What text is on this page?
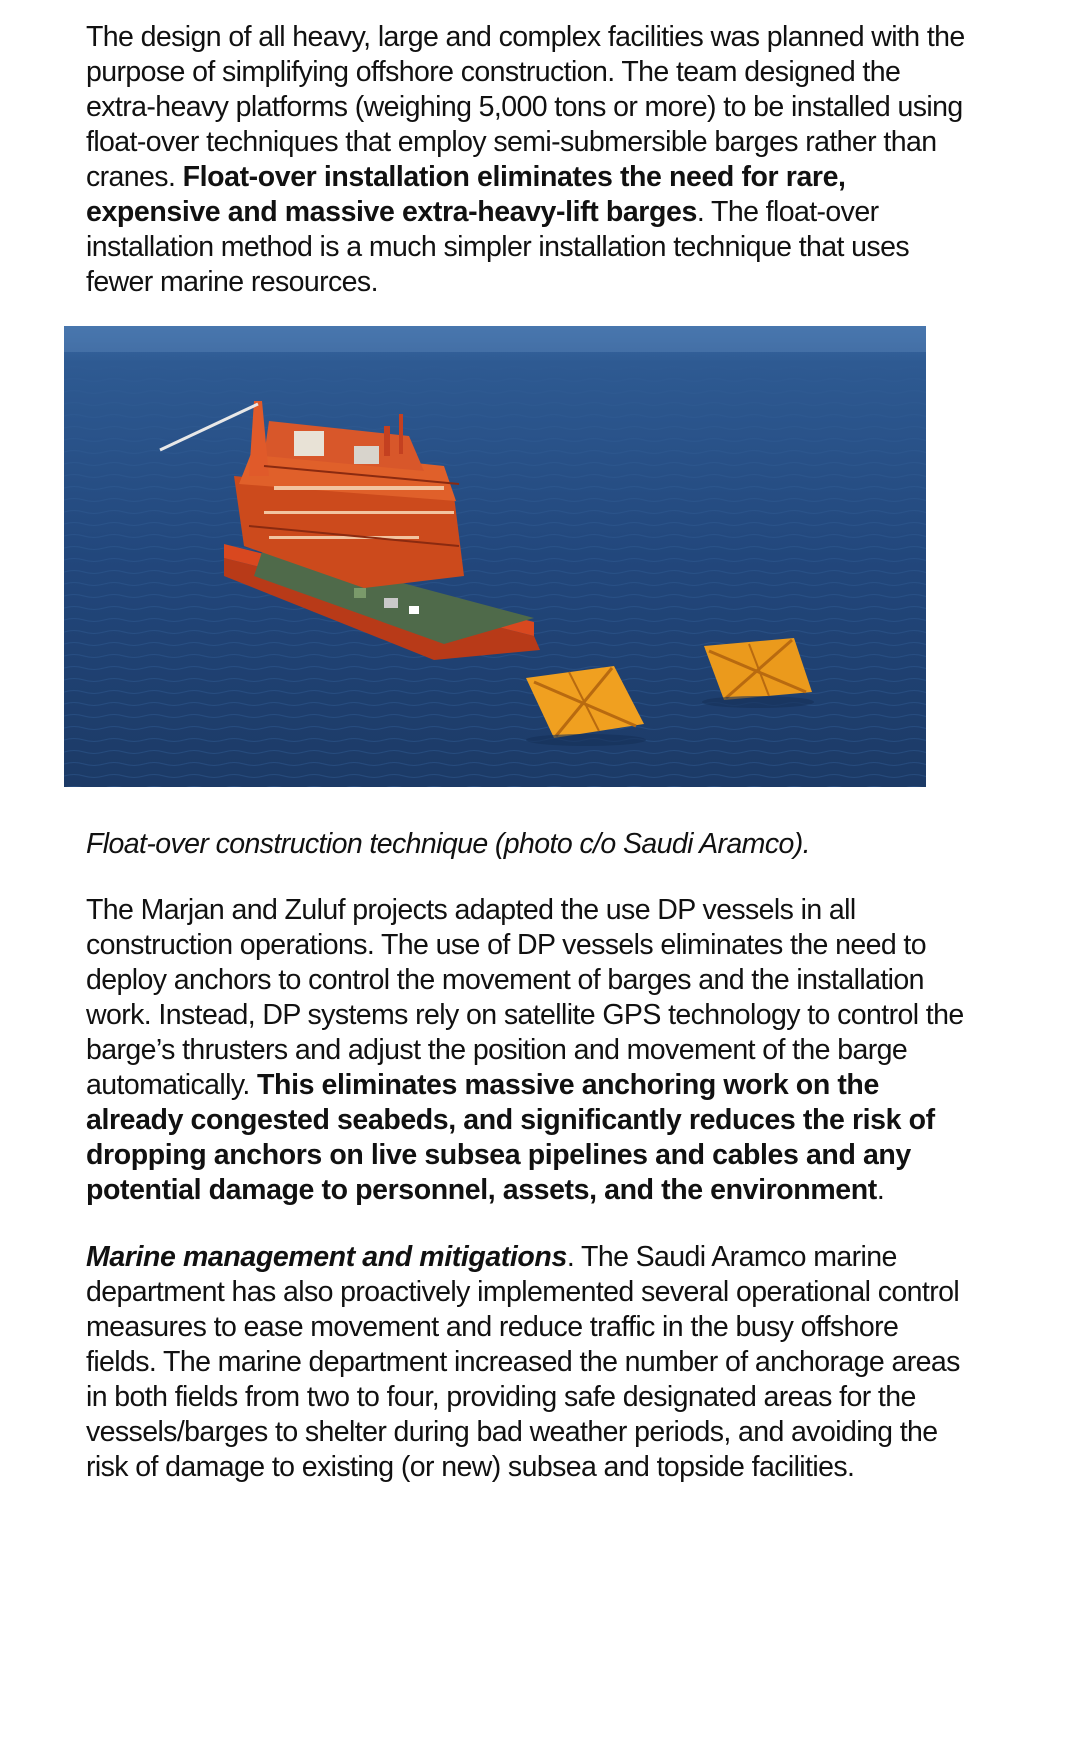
The design of all heavy, large and complex facilities was planned with the purpose of simplifying offshore construction. The team designed the extra-heavy platforms (weighing 5,000 tons or more) to be installed using float-over techniques that employ semi-submersible barges rather than cranes. Float-over installation eliminates the need for rare, expensive and massive extra-heavy-lift barges. The float-over installation method is a much simpler installation technique that uses fewer marine resources.

Float-over construction technique (photo c/o Saudi Aramco).

The Marjan and Zuluf projects adapted the use DP vessels in all construction operations. The use of DP vessels eliminates the need to deploy anchors to control the movement of barges and the installation work. Instead, DP systems rely on satellite GPS technology to control the barge’s thrusters and adjust the position and movement of the barge automatically. This eliminates massive anchoring work on the already congested seabeds, and significantly reduces the risk of dropping anchors on live subsea pipelines and cables and any potential damage to personnel, assets, and the environment.

Marine management and mitigations. The Saudi Aramco marine department has also proactively implemented several operational control measures to ease movement and reduce traffic in the busy offshore fields. The marine department increased the number of anchorage areas in both fields from two to four, providing safe designated areas for the vessels/barges to shelter during bad weather periods, and avoiding the risk of damage to existing (or new) subsea and topside facilities.
